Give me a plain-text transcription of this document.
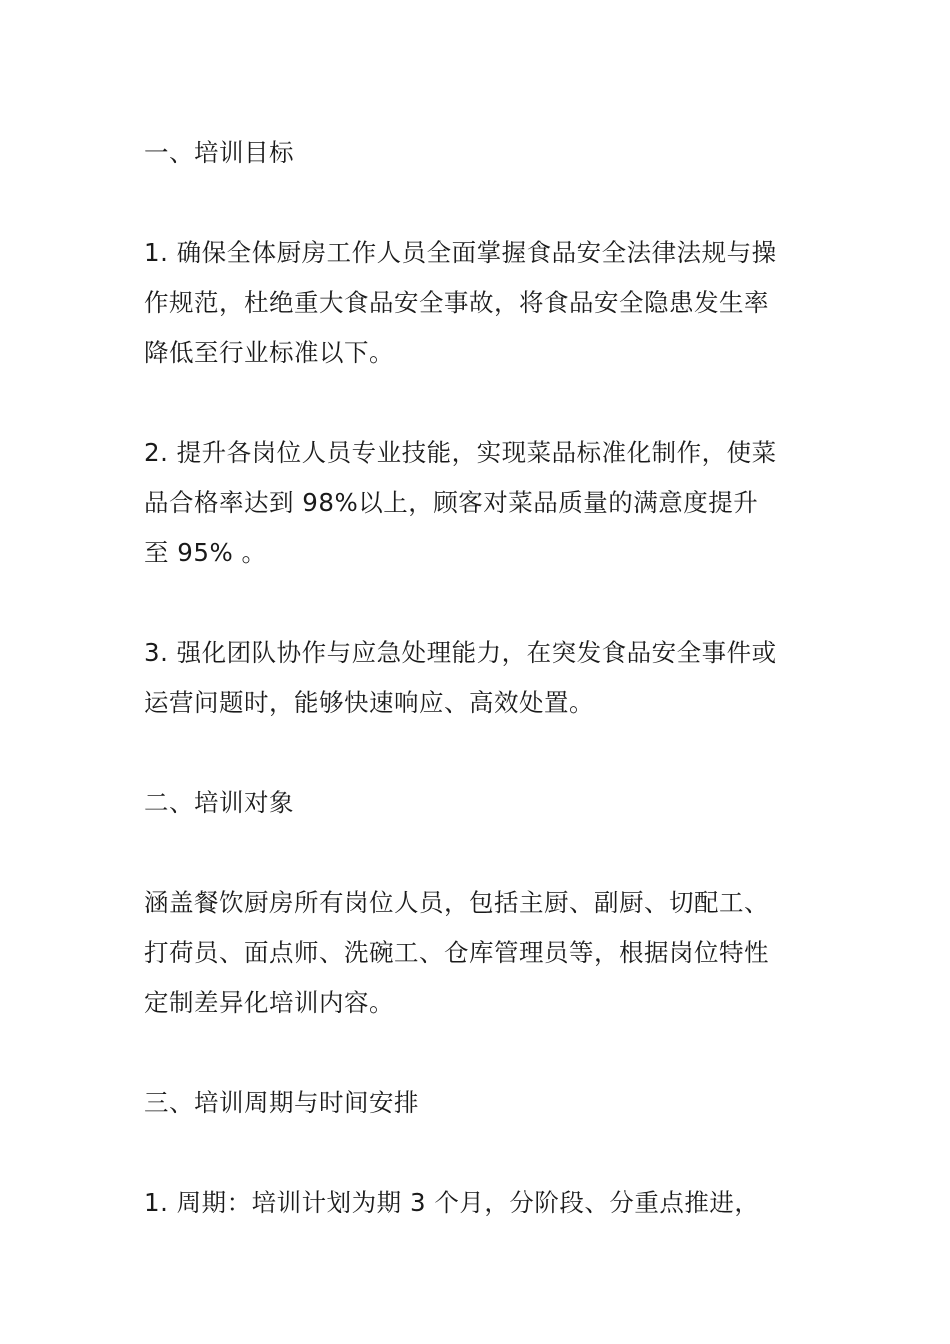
一、培训目标

1. 确保全体厨房工作人员全面掌握食品安全法律法规与操
作规范，杜绝重大食品安全事故，将食品安全隐患发生率
降低至行业标准以下。

2. 提升各岗位人员专业技能，实现菜品标准化制作，使菜
品合格率达到 98%以上，顾客对菜品质量的满意度提升
至 95% 。

3. 强化团队协作与应急处理能力，在突发食品安全事件或
运营问题时，能够快速响应、高效处置。

二、培训对象

涵盖餐饮厨房所有岗位人员，包括主厨、副厨、切配工、
打荷员、面点师、洗碗工、仓库管理员等，根据岗位特性
定制差异化培训内容。

三、培训周期与时间安排

1. 周期：培训计划为期 3 个月，分阶段、分重点推进，
